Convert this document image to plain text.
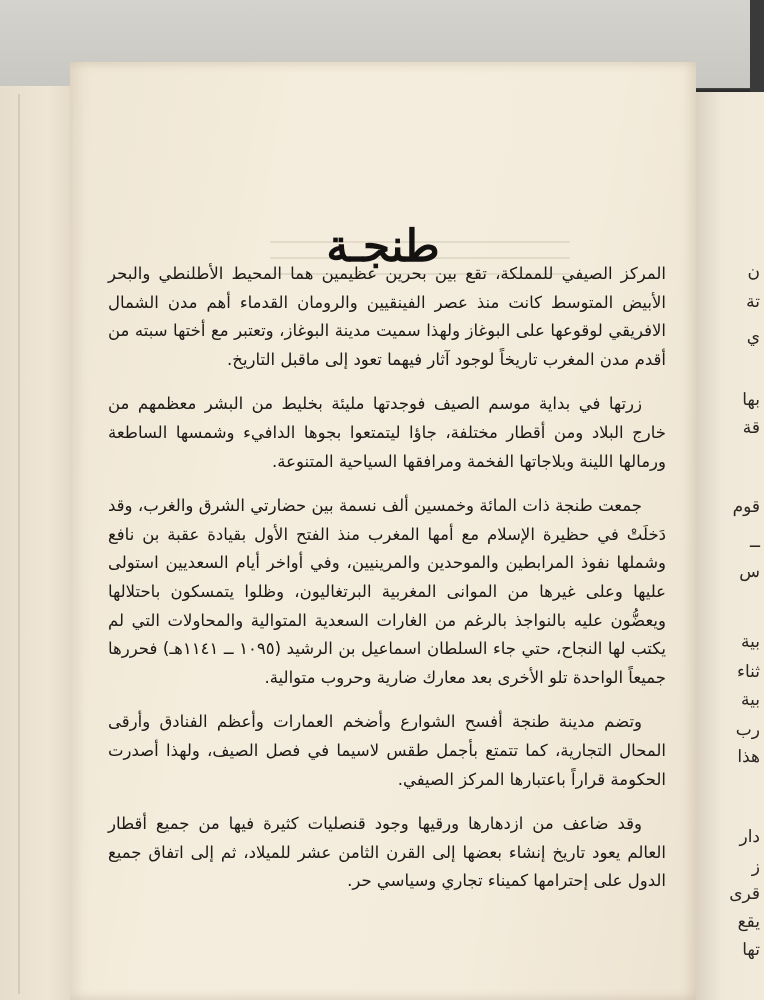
ن
تة
ي
بها
قة
قوم
ــ
س
بية
ثناء
بية
رب
هذا
دار
ز
قرى
يقع
تها
طنجـة

المركز الصيفي للمملكة، تقع بين بحرين عظيمين هما المحيط الأطلنطي والبحر الأبيض المتوسط كانت منذ عصر الفينقيين والرومان القدماء أهم مدن الشمال الافريقي لوقوعها على البوغاز ولهذا سميت مدينة البوغاز، وتعتبر مع أختها سبته من أقدم مدن المغرب تاريخاً لوجود آثار فيهما تعود إلى ماقبل التاريخ.

زرتها في بداية موسم الصيف فوجدتها مليئة بخليط من البشر معظمهم من خارج البلاد ومن أقطار مختلفة، جاؤا ليتمتعوا بجوها الدافيء وشمسها الساطعة ورمالها اللينة وبلاجاتها الفخمة ومرافقها السياحية المتنوعة.

جمعت طنجة ذات المائة وخمسين ألف نسمة بين حضارتي الشرق والغرب، وقد دَخلَتْ في حظيرة الإسلام مع أمها المغرب منذ الفتح الأول بقيادة عقبة بن نافع وشملها نفوذ المرابطين والموحدين والمرينيين، وفي أواخر أيام السعديين استولى عليها وعلى غيرها من الموانى المغربية البرتغاليون، وظلوا يتمسكون باحتلالها ويعضُّون عليه بالنواجذ بالرغم من الغارات السعدية المتوالية والمحاولات التي لم يكتب لها النجاح، حتي جاء السلطان اسماعيل بن الرشيد (١٠٩٥ ــ ١١٤١هـ) فحررها جميعاً الواحدة تلو الأخرى بعد معارك ضارية وحروب متوالية.

وتضم مدينة طنجة أفسح الشوارع وأضخم العمارات وأعظم الفنادق وأرقى المحال التجارية، كما تتمتع بأجمل طقس لاسيما في فصل الصيف، ولهذا أصدرت الحكومة قراراً باعتبارها المركز الصيفي.

وقد ضاعف من ازدهارها ورقيها وجود قنصليات كثيرة فيها من جميع أقطار العالم يعود تاريخ إنشاء بعضها إلى القرن الثامن عشر للميلاد، ثم إلى اتفاق جميع الدول على إحترامها كميناء تجاري وسياسي حر.
